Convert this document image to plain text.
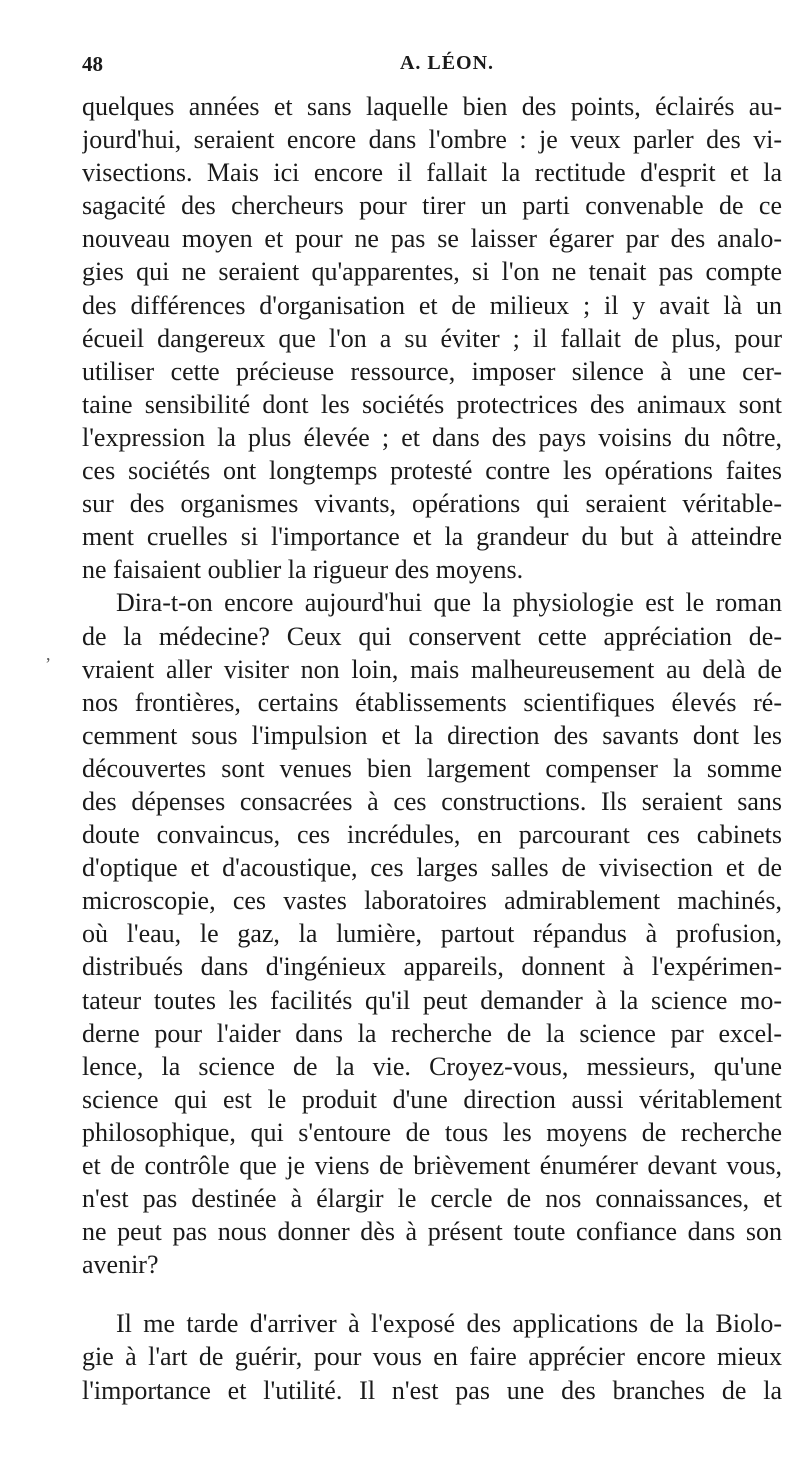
48	A. LÉON.
,
quelques années et sans laquelle bien des points, éclairés au-
jourd'hui, seraient encore dans l'ombre : je veux parler des vi-
visections. Mais ici encore il fallait la rectitude d'esprit et la
sagacité des chercheurs pour tirer un parti convenable de ce
nouveau moyen et pour ne pas se laisser égarer par des analo-
gies qui ne seraient qu'apparentes, si l'on ne tenait pas compte
des différences d'organisation et de milieux ; il y avait là un
écueil dangereux que l'on a su éviter ; il fallait de plus, pour
utiliser cette précieuse ressource, imposer silence à une cer-
taine sensibilité dont les sociétés protectrices des animaux sont
l'expression la plus élevée ; et dans des pays voisins du nôtre,
ces sociétés ont longtemps protesté contre les opérations faites
sur des organismes vivants, opérations qui seraient véritable-
ment cruelles si l'importance et la grandeur du but à atteindre
ne faisaient oublier la rigueur des moyens.
Dira-t-on encore aujourd'hui que la physiologie est le roman
de la médecine? Ceux qui conservent cette appréciation de-
vraient aller visiter non loin, mais malheureusement au delà de
nos frontières, certains établissements scientifiques élevés ré-
cemment sous l'impulsion et la direction des savants dont les
découvertes sont venues bien largement compenser la somme
des dépenses consacrées à ces constructions. Ils seraient sans
doute convaincus, ces incrédules, en parcourant ces cabinets
d'optique et d'acoustique, ces larges salles de vivisection et de
microscopie, ces vastes laboratoires admirablement machinés,
où l'eau, le gaz, la lumière, partout répandus à profusion,
distribués dans d'ingénieux appareils, donnent à l'expérimen-
tateur toutes les facilités qu'il peut demander à la science mo-
derne pour l'aider dans la recherche de la science par excel-
lence, la science de la vie. Croyez-vous, messieurs, qu'une
science qui est le produit d'une direction aussi véritablement
philosophique, qui s'entoure de tous les moyens de recherche
et de contrôle que je viens de brièvement énumérer devant vous,
n'est pas destinée à élargir le cercle de nos connaissances, et
ne peut pas nous donner dès à présent toute confiance dans son
avenir?
Il me tarde d'arriver à l'exposé des applications de la Biolo-
gie à l'art de guérir, pour vous en faire apprécier encore mieux
l'importance et l'utilité. Il n'est pas une des branches de la
